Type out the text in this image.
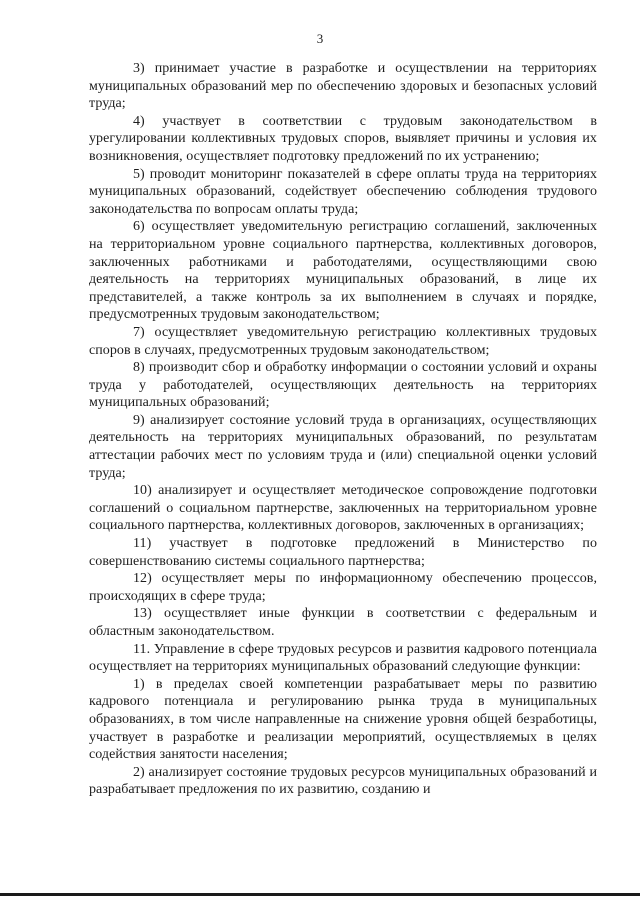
3

3) принимает участие в разработке и осуществлении на территориях муниципальных образований мер по обеспечению здоровых и безопасных условий труда;

4) участвует в соответствии с трудовым законодательством в урегулировании коллективных трудовых споров, выявляет причины и условия их возникновения, осуществляет подготовку предложений по их устранению;

5) проводит мониторинг показателей в сфере оплаты труда на территориях муниципальных образований, содействует обеспечению соблюдения трудового законодательства по вопросам оплаты труда;

6) осуществляет уведомительную регистрацию соглашений, заключенных на территориальном уровне социального партнерства, коллективных договоров, заключенных работниками и работодателями, осуществляющими свою деятельность на территориях муниципальных образований, в лице их представителей, а также контроль за их выполнением в случаях и порядке, предусмотренных трудовым законодательством;

7) осуществляет уведомительную регистрацию коллективных трудовых споров в случаях, предусмотренных трудовым законодательством;

8) производит сбор и обработку информации о состоянии условий и охраны труда у работодателей, осуществляющих деятельность на территориях муниципальных образований;

9) анализирует состояние условий труда в организациях, осуществляющих деятельность на территориях муниципальных образований, по результатам аттестации рабочих мест по условиям труда и (или) специальной оценки условий труда;

10) анализирует и осуществляет методическое сопровождение подготовки соглашений о социальном партнерстве, заключенных на территориальном уровне социального партнерства, коллективных договоров, заключенных в организациях;

11) участвует в подготовке предложений в Министерство по совершенствованию системы социального партнерства;

12) осуществляет меры по информационному обеспечению процессов, происходящих в сфере труда;

13) осуществляет иные функции в соответствии с федеральным и областным законодательством.

11. Управление в сфере трудовых ресурсов и развития кадрового потенциала осуществляет на территориях муниципальных образований следующие функции:

1) в пределах своей компетенции разрабатывает меры по развитию кадрового потенциала и регулированию рынка труда в муниципальных образованиях, в том числе направленные на снижение уровня общей безработицы, участвует в разработке и реализации мероприятий, осуществляемых в целях содействия занятости населения;

2) анализирует состояние трудовых ресурсов муниципальных образований и разрабатывает предложения по их развитию, созданию и
